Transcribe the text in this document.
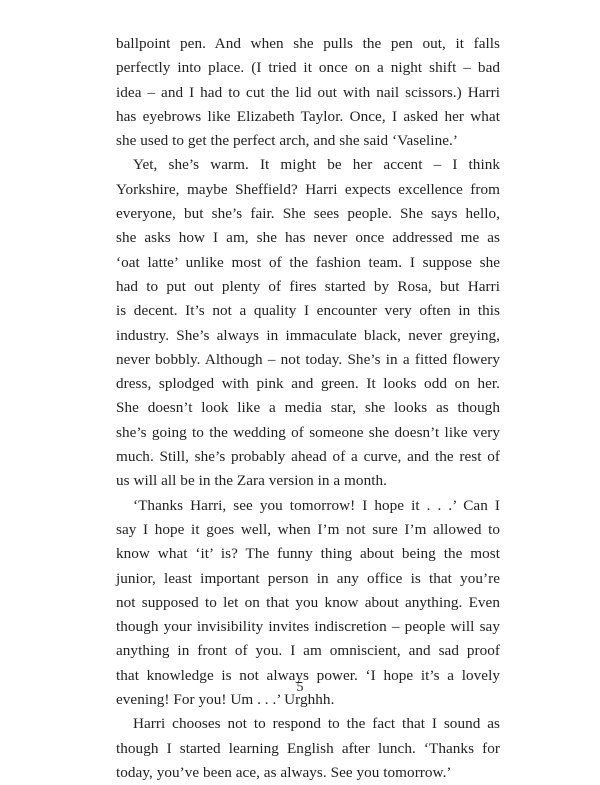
ballpoint pen. And when she pulls the pen out, it falls
perfectly into place. (I tried it once on a night shift – bad
idea – and I had to cut the lid out with nail scissors.) Harri
has eyebrows like Elizabeth Taylor. Once, I asked her what
she used to get the perfect arch, and she said ‘Vaseline.’
Yet, she’s warm. It might be her accent – I think
Yorkshire, maybe Sheffield? Harri expects excellence from
everyone, but she’s fair. She sees people. She says hello,
she asks how I am, she has never once addressed me as
‘oat latte’ unlike most of the fashion team. I suppose she
had to put out plenty of fires started by Rosa, but Harri
is decent. It’s not a quality I encounter very often in this
industry. She’s always in immaculate black, never greying,
never bobbly. Although – not today. She’s in a fitted flowery
dress, splodged with pink and green. It looks odd on her.
She doesn’t look like a media star, she looks as though
she’s going to the wedding of someone she doesn’t like very
much. Still, she’s probably ahead of a curve, and the rest of
us will all be in the Zara version in a month.
‘Thanks Harri, see you tomorrow! I hope it . . .’ Can I
say I hope it goes well, when I’m not sure I’m allowed to
know what ‘it’ is? The funny thing about being the most
junior, least important person in any office is that you’re
not supposed to let on that you know about anything. Even
though your invisibility invites indiscretion – people will say
anything in front of you. I am omniscient, and sad proof
that knowledge is not always power. ‘I hope it’s a lovely
evening! For you! Um . . .’ Urghhh.
Harri chooses not to respond to the fact that I sound as
though I started learning English after lunch. ‘Thanks for
today, you’ve been ace, as always. See you tomorrow.’
5
